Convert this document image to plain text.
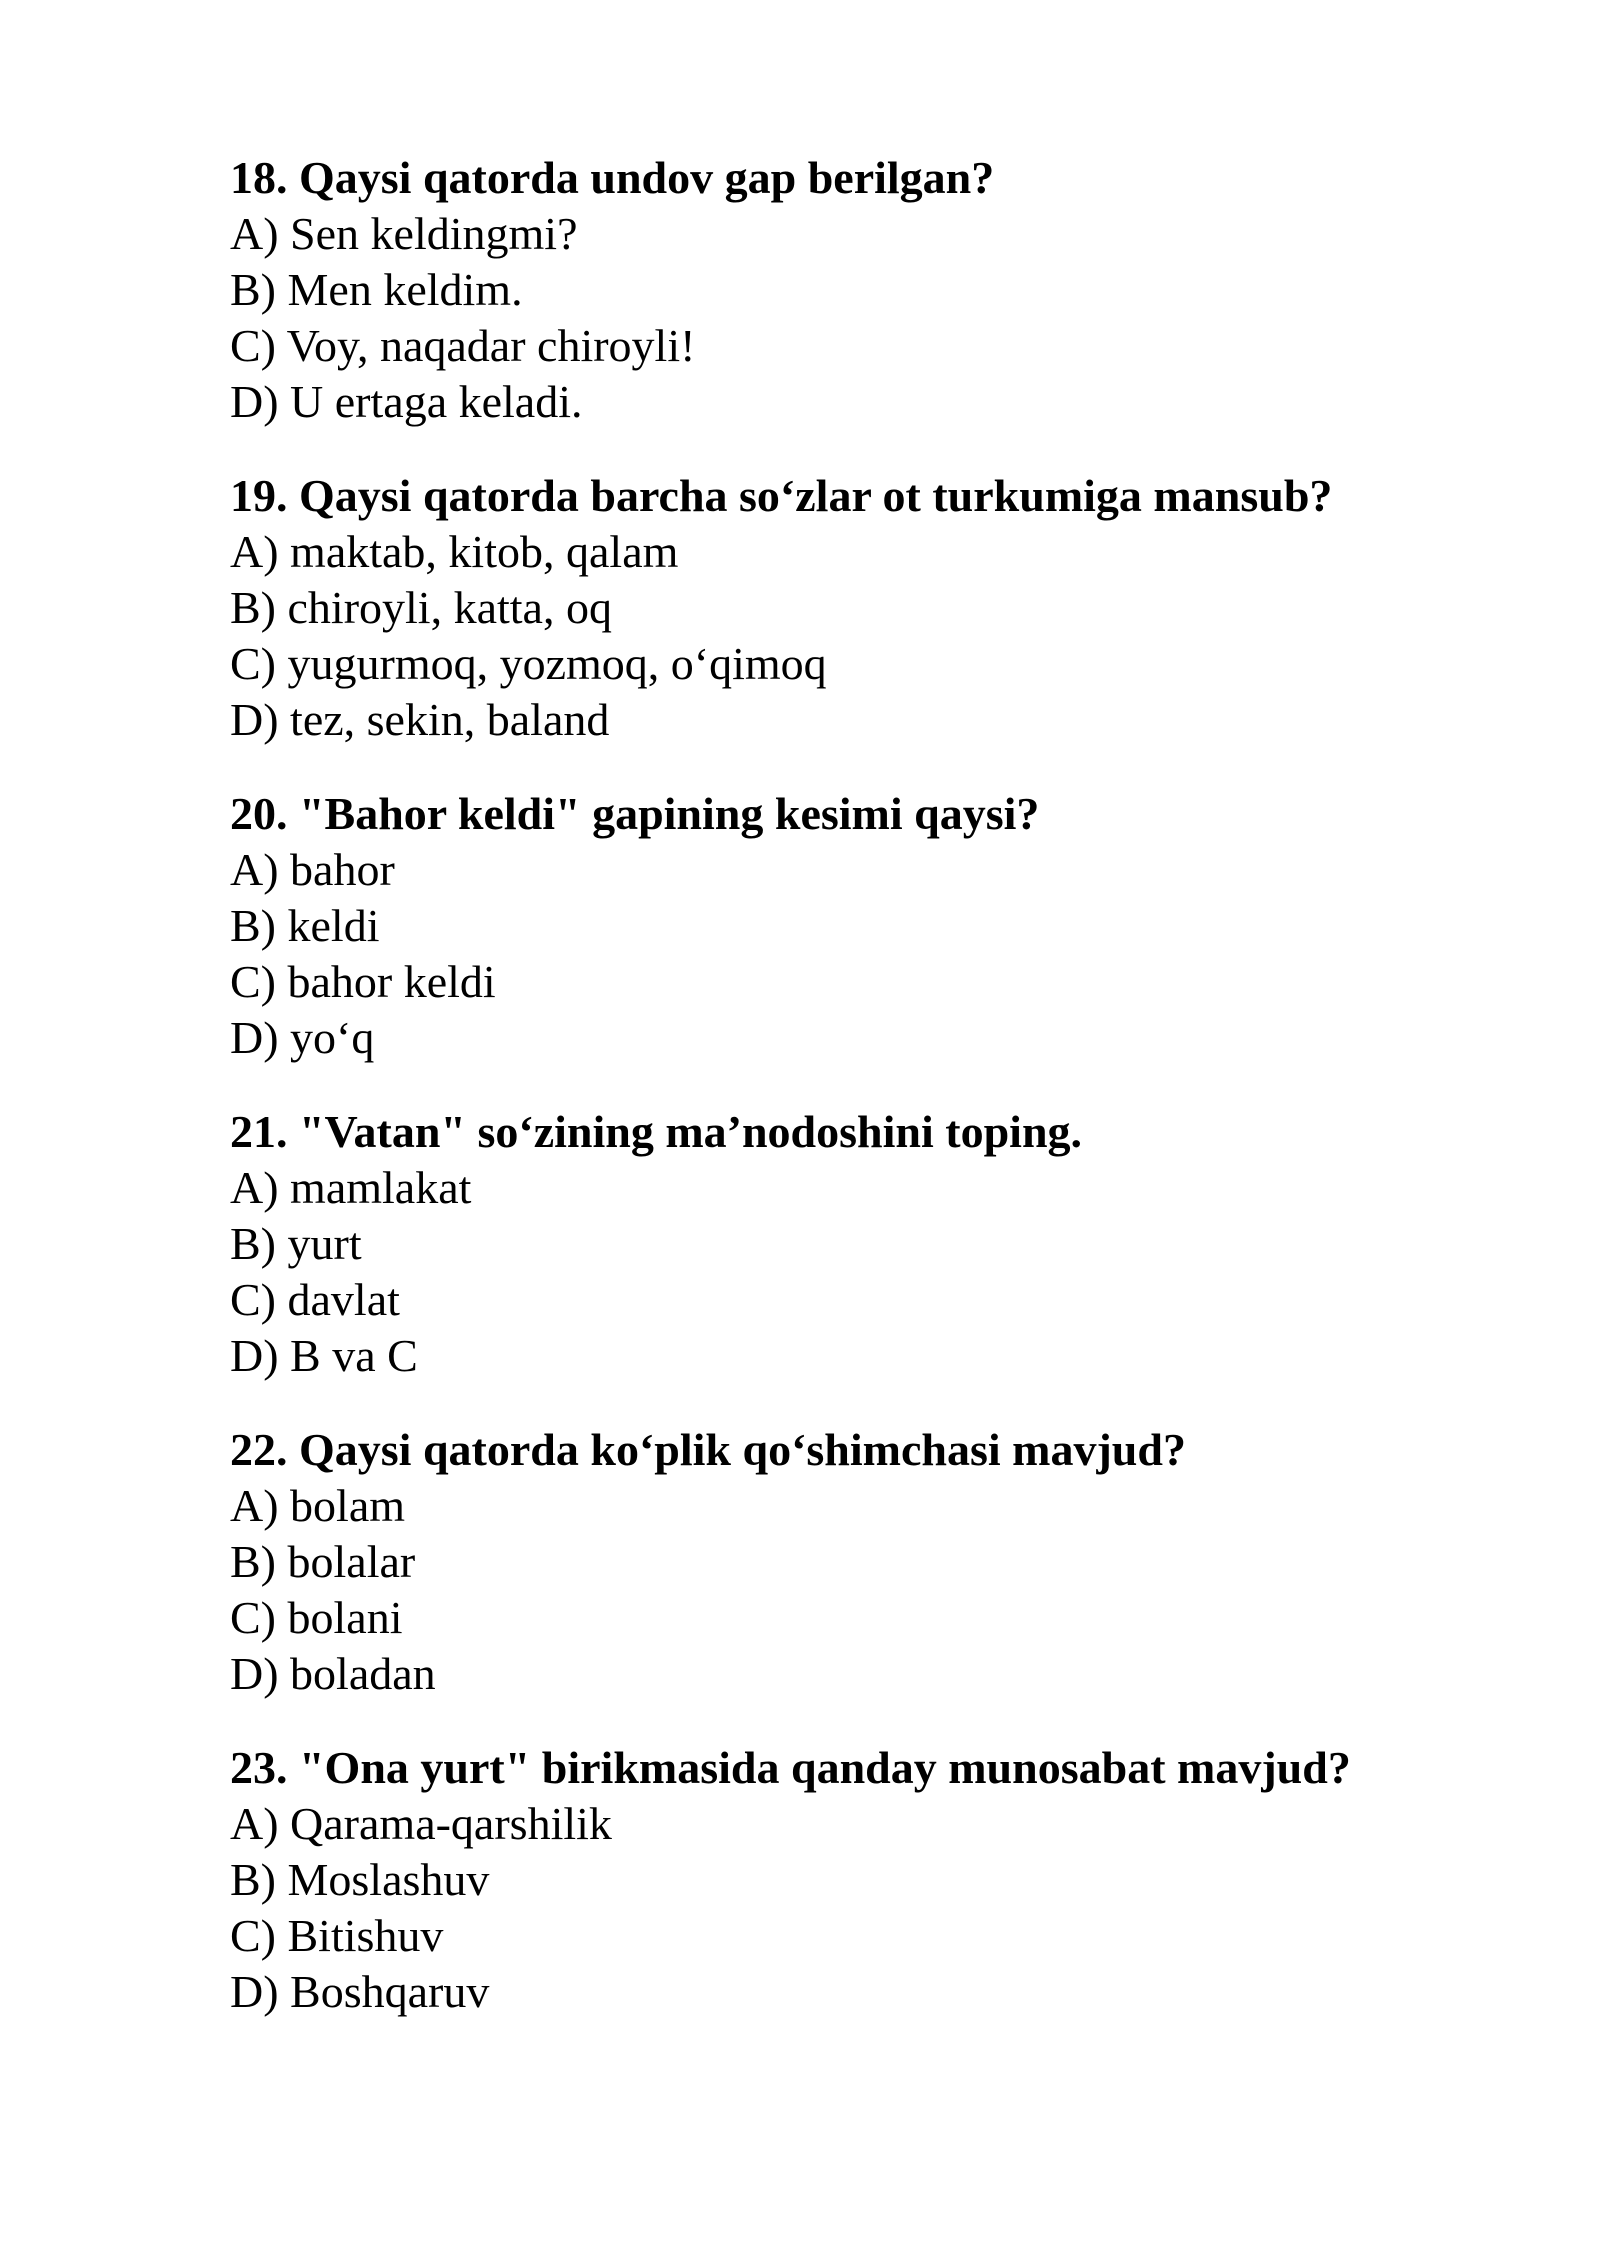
18. Qaysi qatorda undov gap berilgan?

A) Sen keldingmi?
B) Men keldim.
C) Voy, naqadar chiroyli!
D) U ertaga keladi.

19. Qaysi qatorda barcha so‘zlar ot turkumiga mansub?

A) maktab, kitob, qalam
B) chiroyli, katta, oq
C) yugurmoq, yozmoq, o‘qimoq
D) tez, sekin, baland

20. "Bahor keldi" gapining kesimi qaysi?

A) bahor
B) keldi
C) bahor keldi
D) yo‘q

21. "Vatan" so‘zining ma’nodoshini toping.

A) mamlakat
B) yurt
C) davlat
D) B va C

22. Qaysi qatorda ko‘plik qo‘shimchasi mavjud?

A) bolam
B) bolalar
C) bolani
D) boladan

23. "Ona yurt" birikmasida qanday munosabat mavjud?

A) Qarama-qarshilik
B) Moslashuv
C) Bitishuv
D) Boshqaruv
